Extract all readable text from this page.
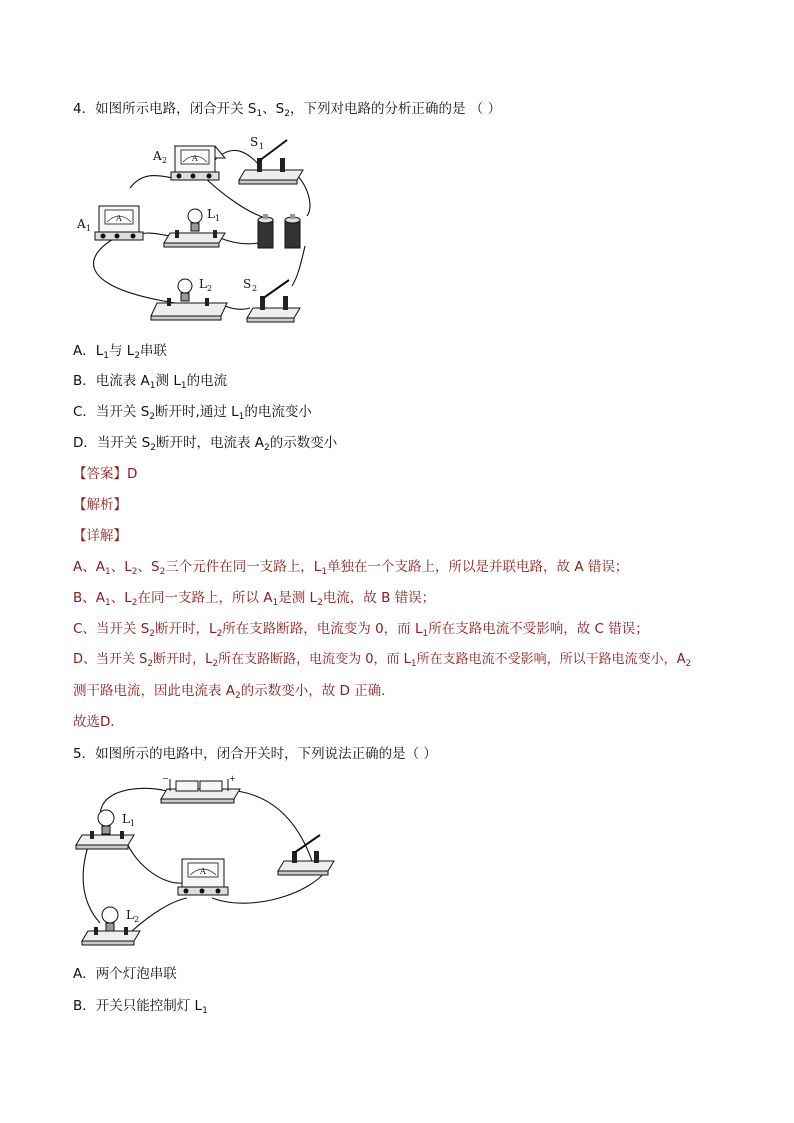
4．如图所示电路，闭合开关 $S_1$、$S_2$，下列对电路的分析正确的是 （ ）
A
A 2
S 1
A
A 1
L 1
L 2	S 2
A．$L_1$与 $L_2$串联
B．电流表 $A_1$测 $L_1$的电流
C．当开关 $S_2$断开时,通过 $L_1$的电流变小
D．当开关 $S_2$断开时，电流表 $A_2$的示数变小
【答案】D
【解析】
【详解】
A、$A_1$、$L_2$、$S_2$三个元件在同一支路上，$L_1$单独在一个支路上，所以是并联电路，故 A 错误；
B、$A_1$、$L_2$在同一支路上，所以 $A_1$是测 $L_2$电流，故 B 错误；
C、当开关 $S_2$断开时，$L_2$所在支路断路，电流变为 0，而 $L_1$所在支路电流不受影响，故 C 错误；
D、当开关 $S_2$断开时，$L_2$所在支路断路，电流变为 0，而 $L_1$所在支路电流不受影响，所以干路电流变小，$A_2$
测干路电流，因此电流表 $A_2$的示数变小，故 D 正确．
故选D．
5．如图所示的电路中，闭合开关时，下列说法正确的是（ ）
−	+
L 1
A
L 2
A．两个灯泡串联
B．开关只能控制灯 $L_1$
